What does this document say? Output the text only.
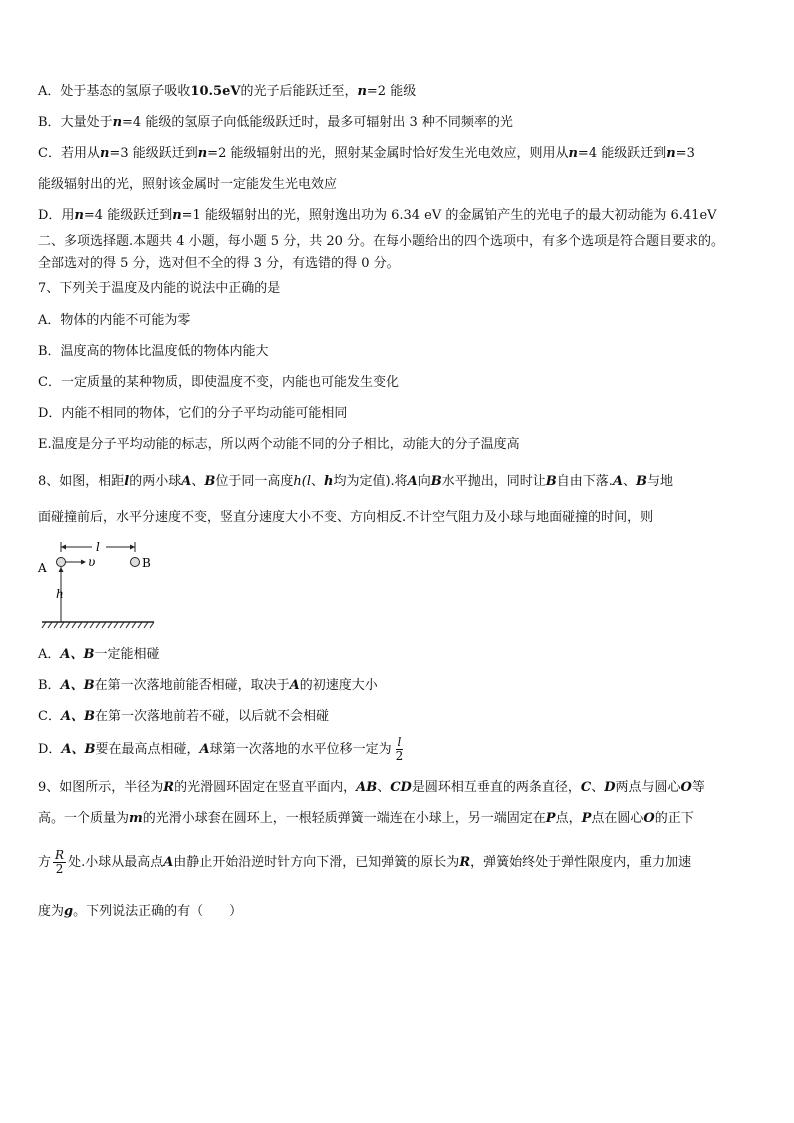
A．处于基态的氢原子吸收10.5eV的光子后能跃迁至，n=2 能级
B．大量处于n=4 能级的氢原子向低能级跃迁时，最多可辐射出 3 种不同频率的光
C．若用从n=3 能级跃迁到n=2 能级辐射出的光，照射某金属时恰好发生光电效应，则用从n=4 能级跃迁到n=3
能级辐射出的光，照射该金属时一定能发生光电效应
D．用n=4 能级跃迁到n=1 能级辐射出的光，照射逸出功为 6.34 eV 的金属铂产生的光电子的最大初动能为 6.41eV
二、多项选择题.本题共 4 小题，每小题 5 分，共 20 分。在每小题给出的四个选项中，有多个选项是符合题目要求的。
全部选对的得 5 分，选对但不全的得 3 分，有选错的得 0 分。
7、下列关于温度及内能的说法中正确的是
A．物体的内能不可能为零
B．温度高的物体比温度低的物体内能大
C．一定质量的某种物质，即使温度不变，内能也可能发生变化
D．内能不相同的物体，它们的分子平均动能可能相同
E.温度是分子平均动能的标志，所以两个动能不同的分子相比，动能大的分子温度高
8、如图，相距l的两小球A、B位于同一高度h(l、h均为定值).将A向B水平抛出，同时让B自由下落.A、B与地
面碰撞前后，水平分速度不变，竖直分速度大小不变、方向相反.不计空气阻力及小球与地面碰撞的时间，则
A	υ	B
l
h
A．A、B一定能相碰
B．A、B在第一次落地前能否相碰，取决于A的初速度大小
C．A、B在第一次落地前若不碰，以后就不会相碰
D．A、B要在最高点相碰，A球第一次落地的水平位移一定为 $\frac{l}{2}$
9、如图所示，半径为R的光滑圆环固定在竖直平面内，AB、CD是圆环相互垂直的两条直径，C、D两点与圆心O等
高。一个质量为m的光滑小球套在圆环上，一根轻质弹簧一端连在小球上，另一端固定在P点，P点在圆心O的正下
方 $\frac{R}{2}$ 处.小球从最高点A由静止开始沿逆时针方向下滑，已知弹簧的原长为R，弹簧始终处于弹性限度内，重力加速
度为g。下列说法正确的有（　　）
